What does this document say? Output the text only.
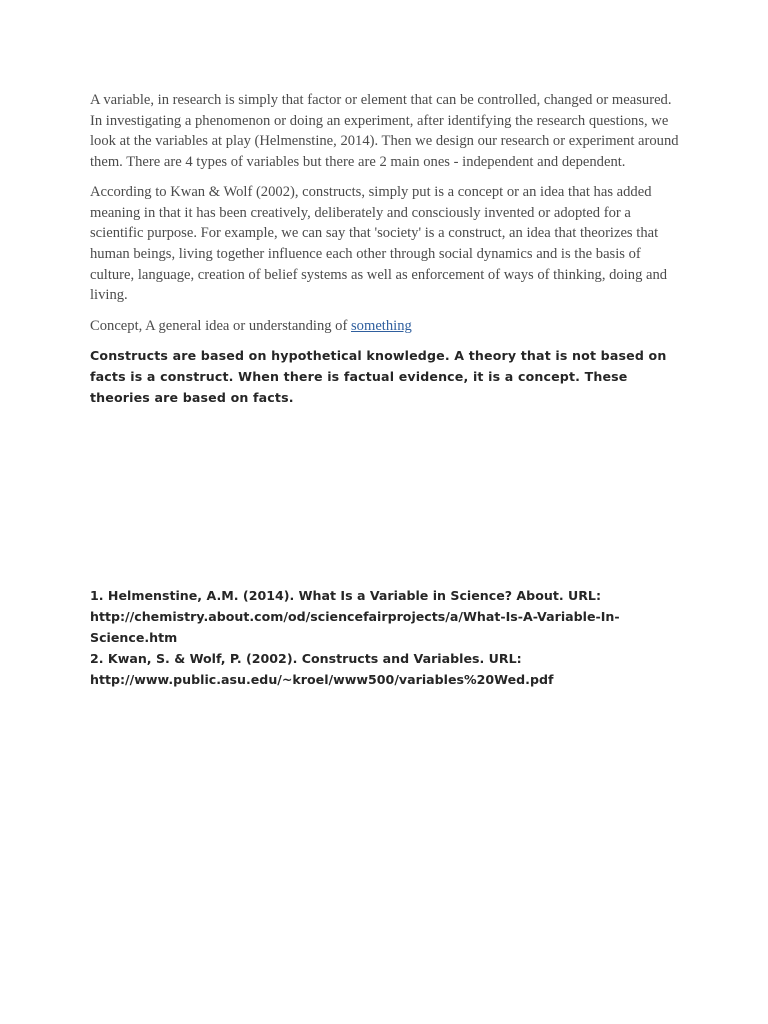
A variable, in research is simply that factor or element that can be controlled, changed or measured. In investigating a phenomenon or doing an experiment, after identifying the research questions, we look at the variables at play (Helmenstine, 2014). Then we design our research or experiment around them. There are 4 types of variables but there are 2 main ones - independent and dependent.

According to Kwan & Wolf (2002), constructs, simply put is a concept or an idea that has added meaning in that it has been creatively, deliberately and consciously invented or adopted for a scientific purpose. For example, we can say that 'society' is a construct, an idea that theorizes that human beings, living together influence each other through social dynamics and is the basis of culture, language, creation of belief systems as well as enforcement of ways of thinking, doing and living.

Concept, A general idea or understanding of something

Constructs are based on hypothetical knowledge. A theory that is not based on facts is a construct. When there is factual evidence, it is a concept. These theories are based on facts.

1. Helmenstine, A.M. (2014). What Is a Variable in Science? About. URL: http://chemistry.about.com/od/sciencefairprojects/a/What-Is-A-Variable-In-Science.htm
2. Kwan, S. & Wolf, P. (2002). Constructs and Variables. URL: http://www.public.asu.edu/~kroel/www500/variables%20Wed.pdf
